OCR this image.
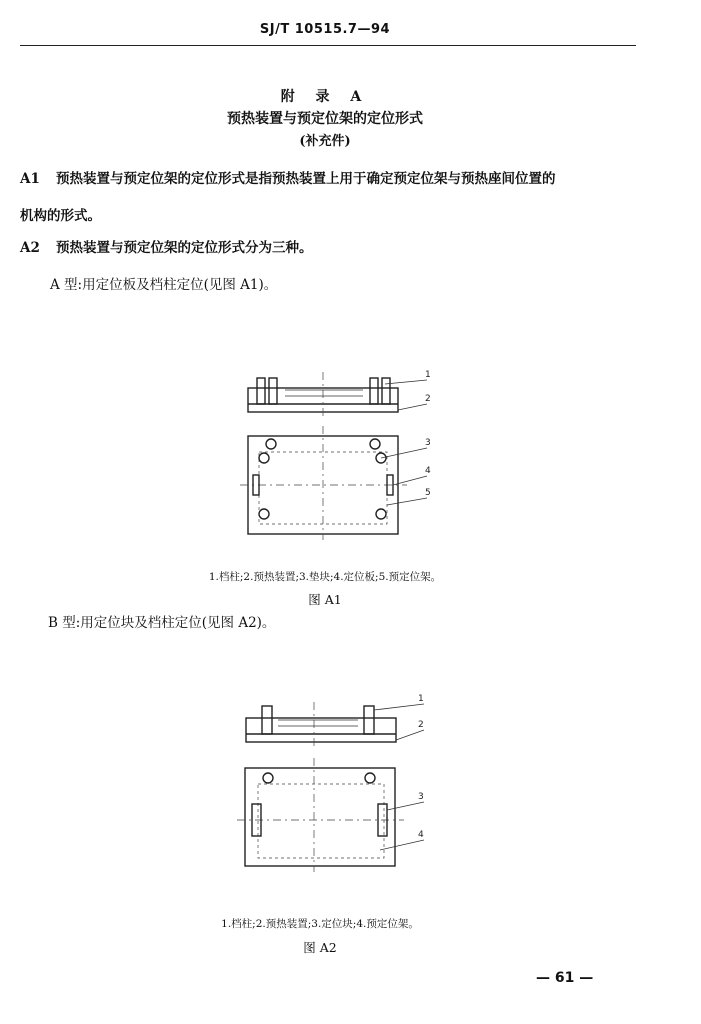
SJ/T 10515.7—94
附 录 A
预热装置与预定位架的定位形式
(补充件)
A1 预热装置与预定位架的定位形式是指预热装置上用于确定预定位架与预热座间位置的
机构的形式。
A2 预热装置与预定位架的定位形式分为三种。
A 型:用定位板及档柱定位(见图 A1)。
1
2
3
4
5
1.档柱;2.预热装置;3.垫块;4.定位板;5.预定位架。
图 A1
B 型:用定位块及档柱定位(见图 A2)。
1
2
3
4
1.档柱;2.预热装置;3.定位块;4.预定位架。
图 A2
— 61 —
